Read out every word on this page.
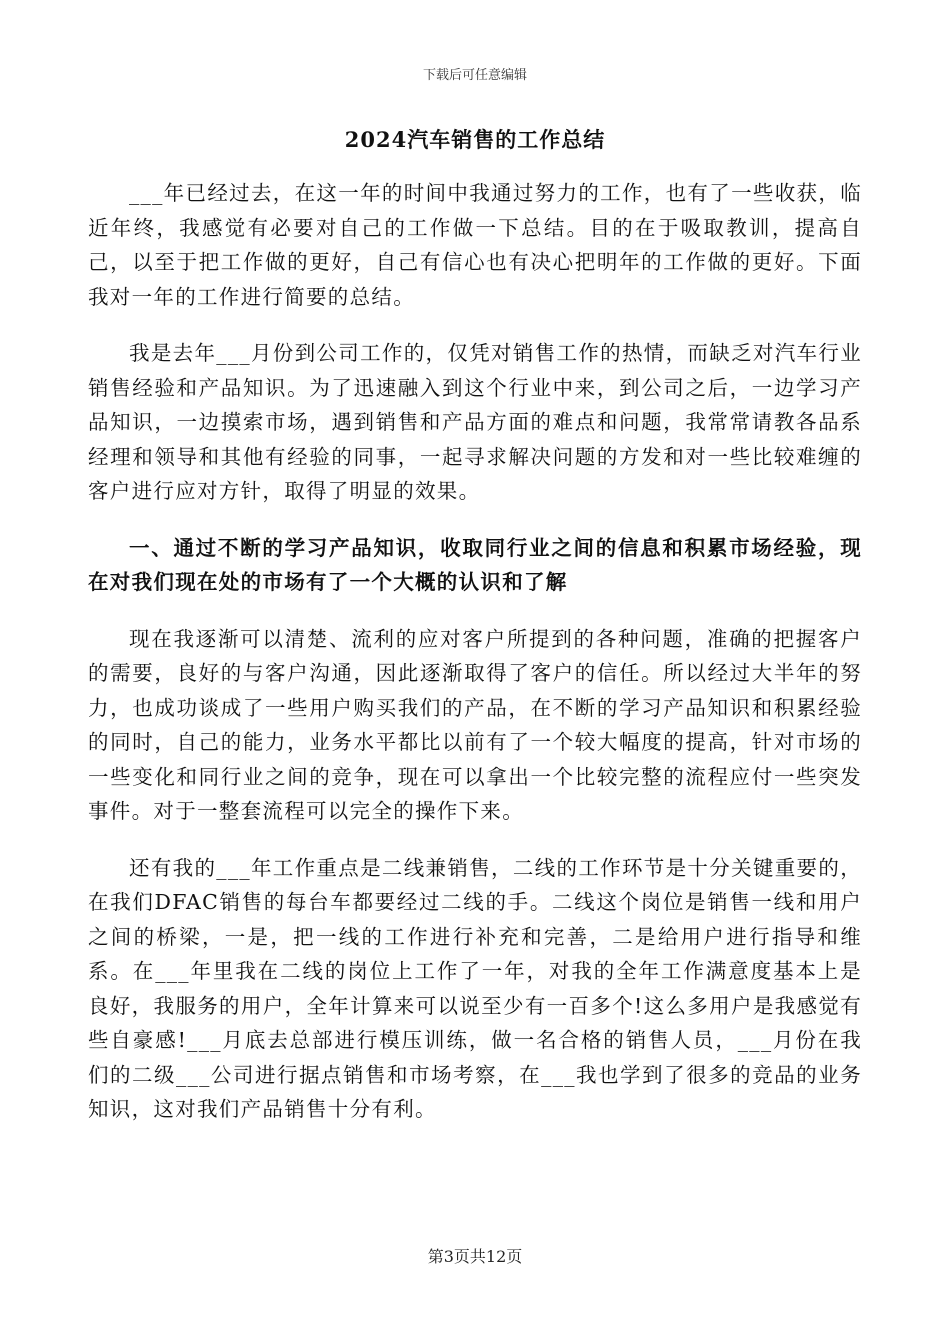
下载后可任意编辑
2024汽车销售的工作总结

___年已经过去，在这一年的时间中我通过努力的工作，也有了一些收获，临近年终，我感觉有必要对自己的工作做一下总结。目的在于吸取教训，提高自己，以至于把工作做的更好，自己有信心也有决心把明年的工作做的更好。下面我对一年的工作进行简要的总结。

我是去年___月份到公司工作的，仅凭对销售工作的热情，而缺乏对汽车行业销售经验和产品知识。为了迅速融入到这个行业中来，到公司之后，一边学习产品知识，一边摸索市场，遇到销售和产品方面的难点和问题，我常常请教各品系经理和领导和其他有经验的同事，一起寻求解决问题的方发和对一些比较难缠的客户进行应对方针，取得了明显的效果。

一、通过不断的学习产品知识，收取同行业之间的信息和积累市场经验，现在对我们现在处的市场有了一个大概的认识和了解

现在我逐渐可以清楚、流利的应对客户所提到的各种问题，准确的把握客户的需要，良好的与客户沟通，因此逐渐取得了客户的信任。所以经过大半年的努力，也成功谈成了一些用户购买我们的产品，在不断的学习产品知识和积累经验的同时，自己的能力，业务水平都比以前有了一个较大幅度的提高，针对市场的一些变化和同行业之间的竞争，现在可以拿出一个比较完整的流程应付一些突发事件。对于一整套流程可以完全的操作下来。

还有我的___年工作重点是二线兼销售，二线的工作环节是十分关键重要的，在我们DFAC销售的每台车都要经过二线的手。二线这个岗位是销售一线和用户之间的桥梁，一是，把一线的工作进行补充和完善，二是给用户进行指导和维系。在___年里我在二线的岗位上工作了一年，对我的全年工作满意度基本上是良好，我服务的用户，全年计算来可以说至少有一百多个!这么多用户是我感觉有些自豪感!___月底去总部进行模压训练，做一名合格的销售人员，___月份在我们的二级___公司进行据点销售和市场考察，在___我也学到了很多的竞品的业务知识，这对我们产品销售十分有利。

第3页共12页
